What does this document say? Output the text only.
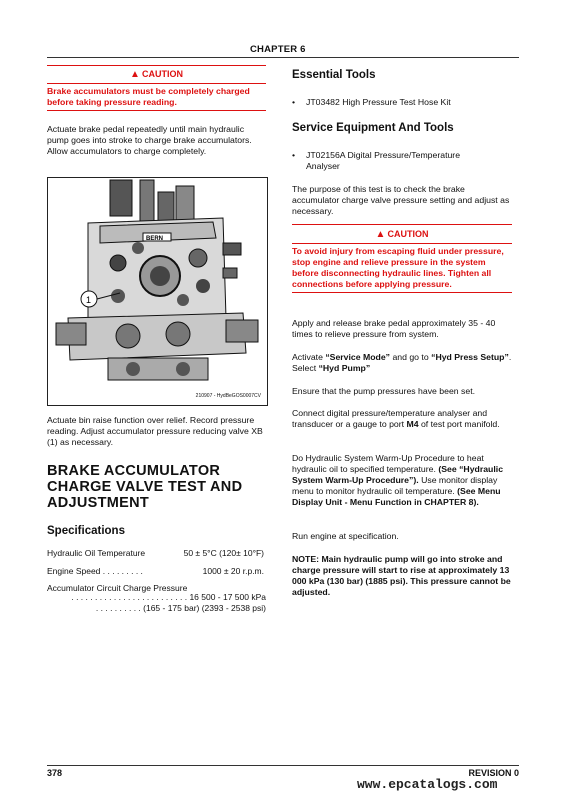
CHAPTER 6
▲ CAUTION
Brake accumulators must be completely charged before taking pressure reading.

Actuate brake pedal repeatedly until main hydraulic pump goes into stroke to charge brake accumulators. Allow accumulators to charge completely.

BERN
1
210907 - HydBeGOS0007CV

Actuate bin raise function over relief. Record pressure reading. Adjust accumulator pressure reducing valve XB (1) as necessary.

BRAKE ACCUMULATOR
CHARGE VALVE TEST AND
ADJUSTMENT
Specifications
Hydraulic Oil Temperature	50 ± 5°C (120± 10°F)
Engine Speed . . . . . . . . .	1000 ± 20 r.p.m.
Accumulator Circuit Charge Pressure
. . . . . . . . . . . . . . . . . . . . . . . . . 16 500 - 17 500 kPa
. . . . . . . . . . (165 - 175 bar) (2393 - 2538 psi)
Essential Tools
• JT03482 High Pressure Test Hose Kit
Service Equipment And Tools
• JT02156A Digital Pressure/Temperature
Analyser

The purpose of this test is to check the brake accumulator charge valve pressure setting and adjust as necessary.

▲ CAUTION
To avoid injury from escaping fluid under pressure, stop engine and relieve pressure in the system before disconnecting hydraulic lines. Tighten all connections before applying pressure.

Apply and release brake pedal approximately 35 - 40 times to relieve pressure from system.

Activate “Service Mode” and go to “Hyd Press Setup”. Select “Hyd Pump”

Ensure that the pump pressures have been set.

Connect digital pressure/temperature analyser and transducer or a gauge to port M4 of test port manifold.

Do Hydraulic System Warm-Up Procedure to heat hydraulic oil to specified temperature. (See “Hydraulic System Warm-Up Procedure”). Use monitor display menu to monitor hydraulic oil temperature. (See Menu Display Unit - Menu Function in CHAPTER 8).

Run engine at specification.

NOTE: Main hydraulic pump will go into stroke and charge pressure will start to rise at approximately 13 000 kPa (130 bar) (1885 psi). This pressure cannot be adjusted.

378	REVISION 0
www.epcatalogs.com
